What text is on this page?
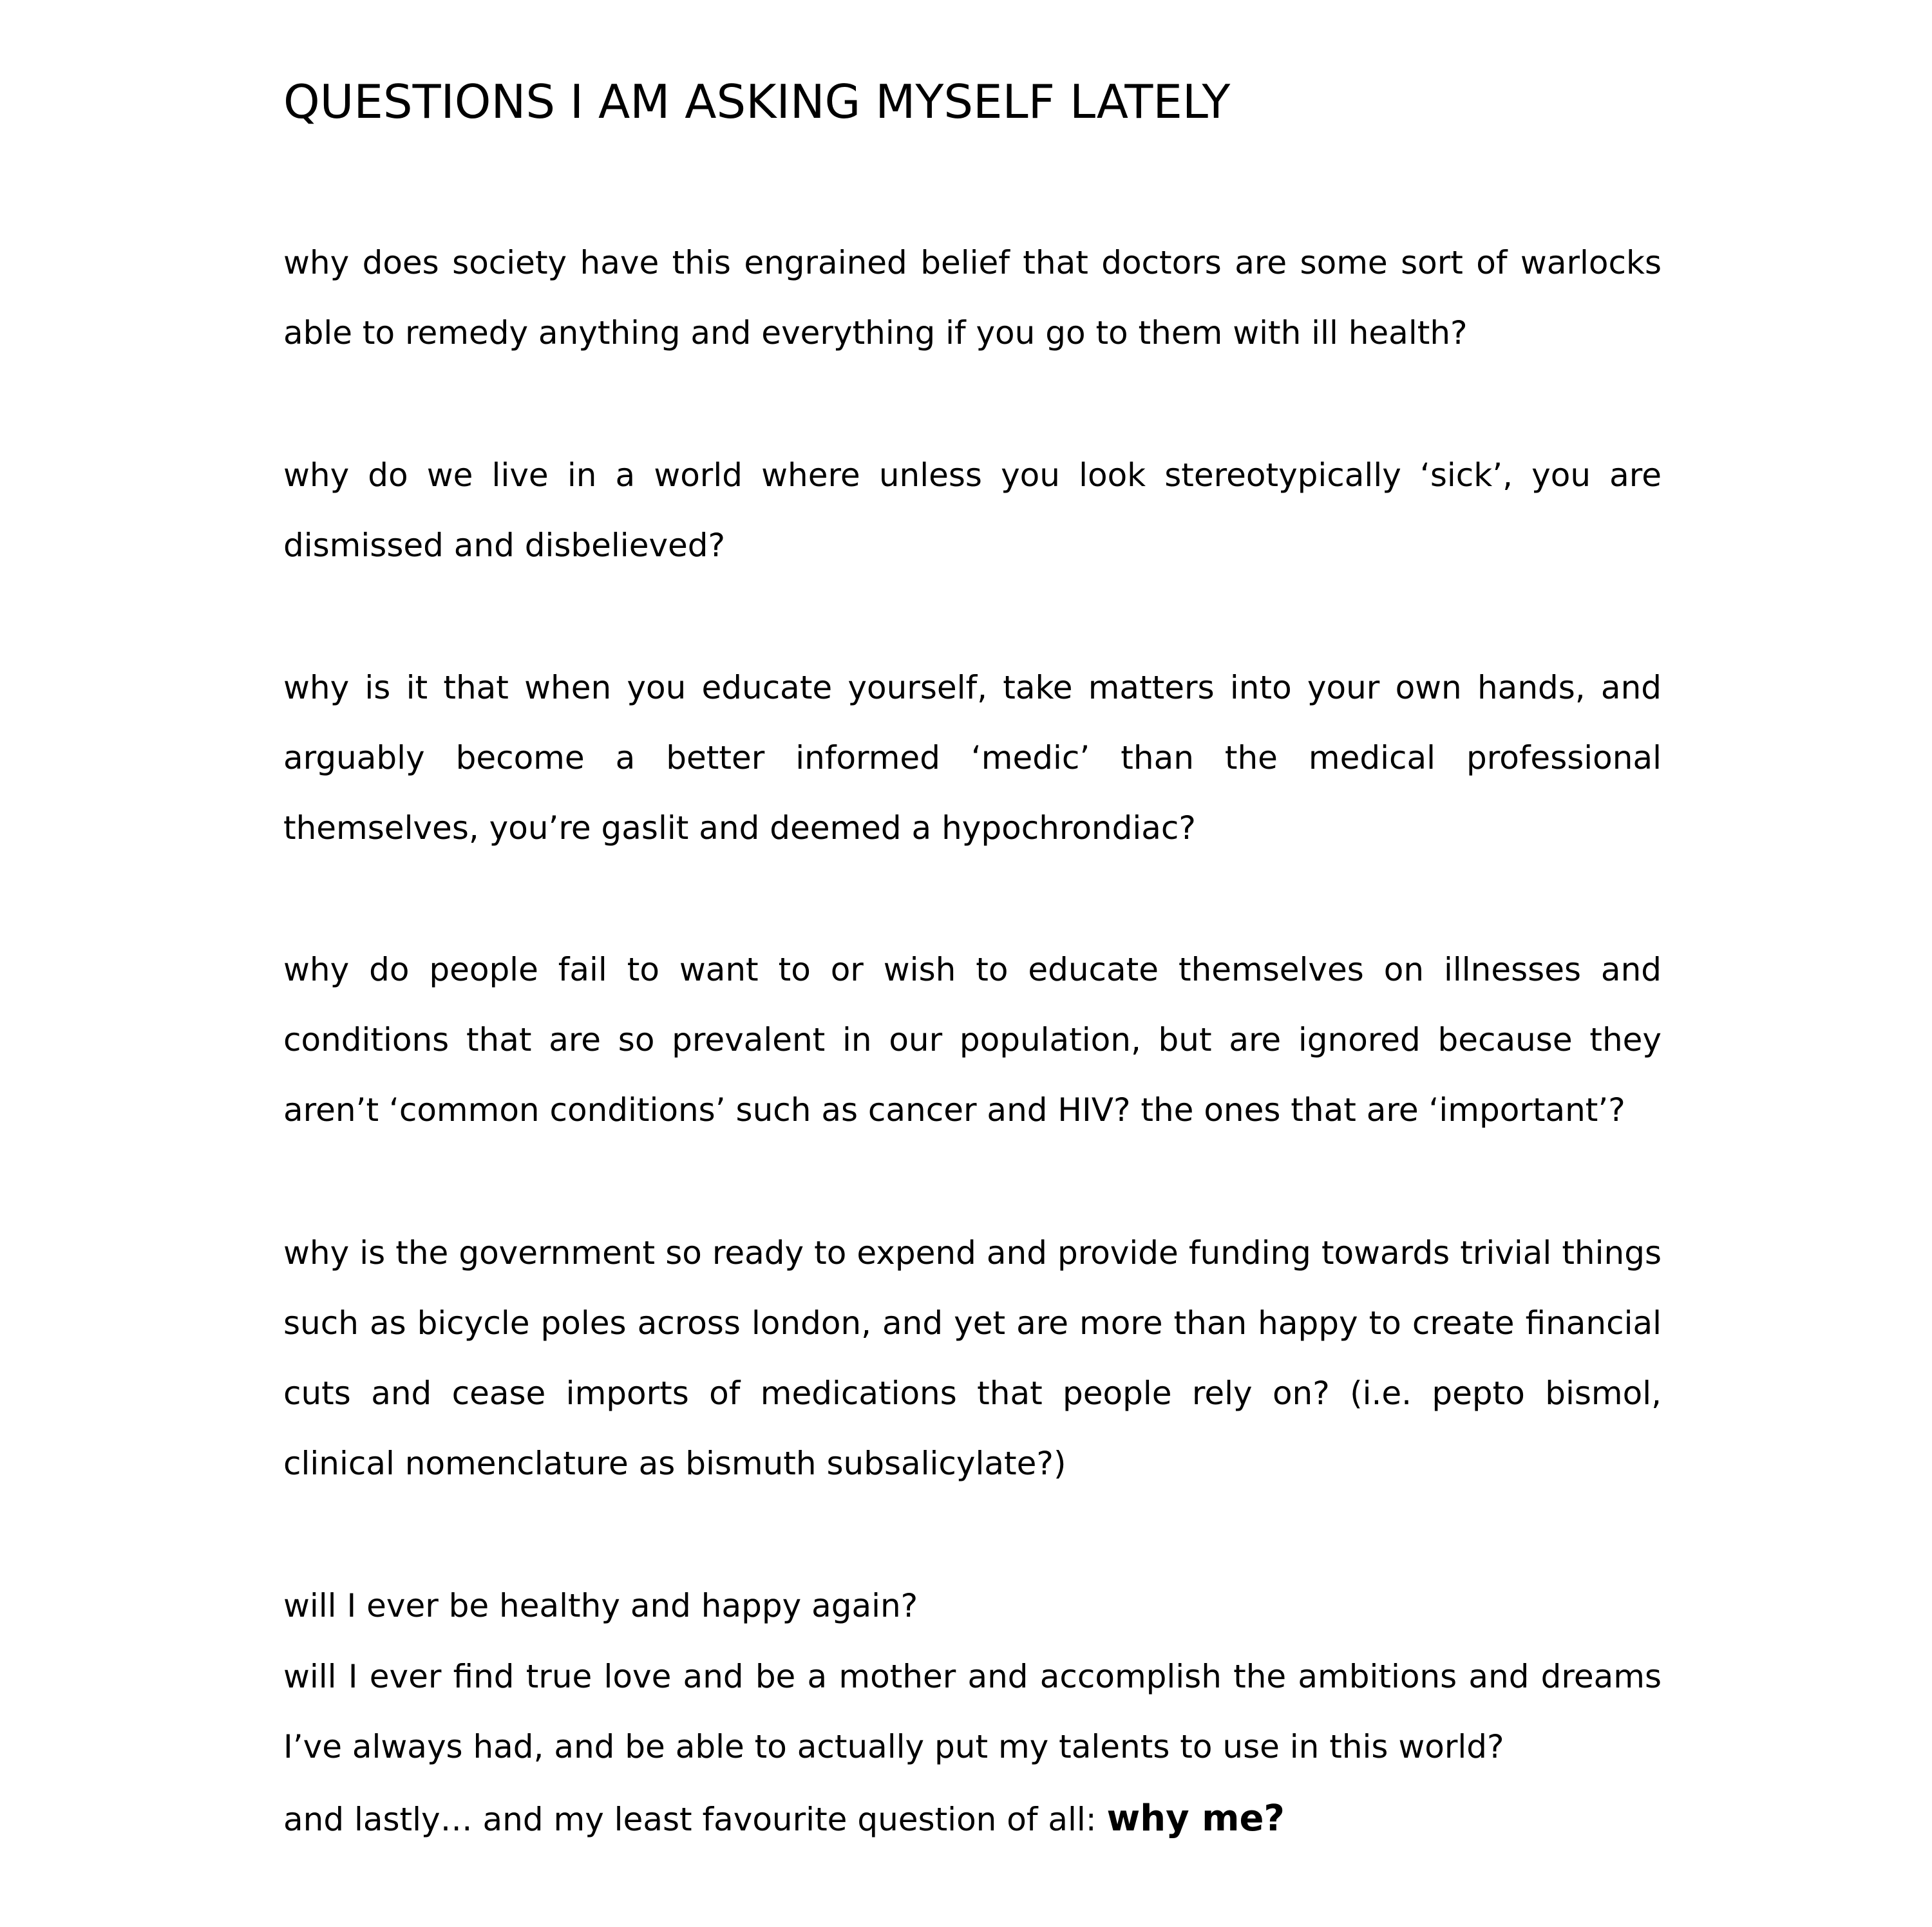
QUESTIONS I AM ASKING MYSELF LATELY

why does society have this engrained belief that doctors are some sort of warlocks able to remedy anything and everything if you go to them with ill health?

why do we live in a world where unless you look stereotypically ‘sick’, you are dismissed and disbelieved?

why is it that when you educate yourself, take matters into your own hands, and arguably become a better informed ‘medic’ than the medical professional themselves, you’re gaslit and deemed a hypochrondiac?

why do people fail to want to or wish to educate themselves on illnesses and conditions that are so prevalent in our population, but are ignored because they aren’t ‘common conditions’ such as cancer and HIV? the ones that are ‘important’?

why is the government so ready to expend and provide funding towards trivial things such as bicycle poles across london, and yet are more than happy to create financial cuts and cease imports of medications that people rely on? (i.e. pepto bismol, clinical nomenclature as bismuth subsalicylate?)

will I ever be healthy and happy again?

will I ever find true love and be a mother and accomplish the ambitions and dreams I’ve always had, and be able to actually put my talents to use in this world?

and lastly… and my least favourite question of all: why me?
